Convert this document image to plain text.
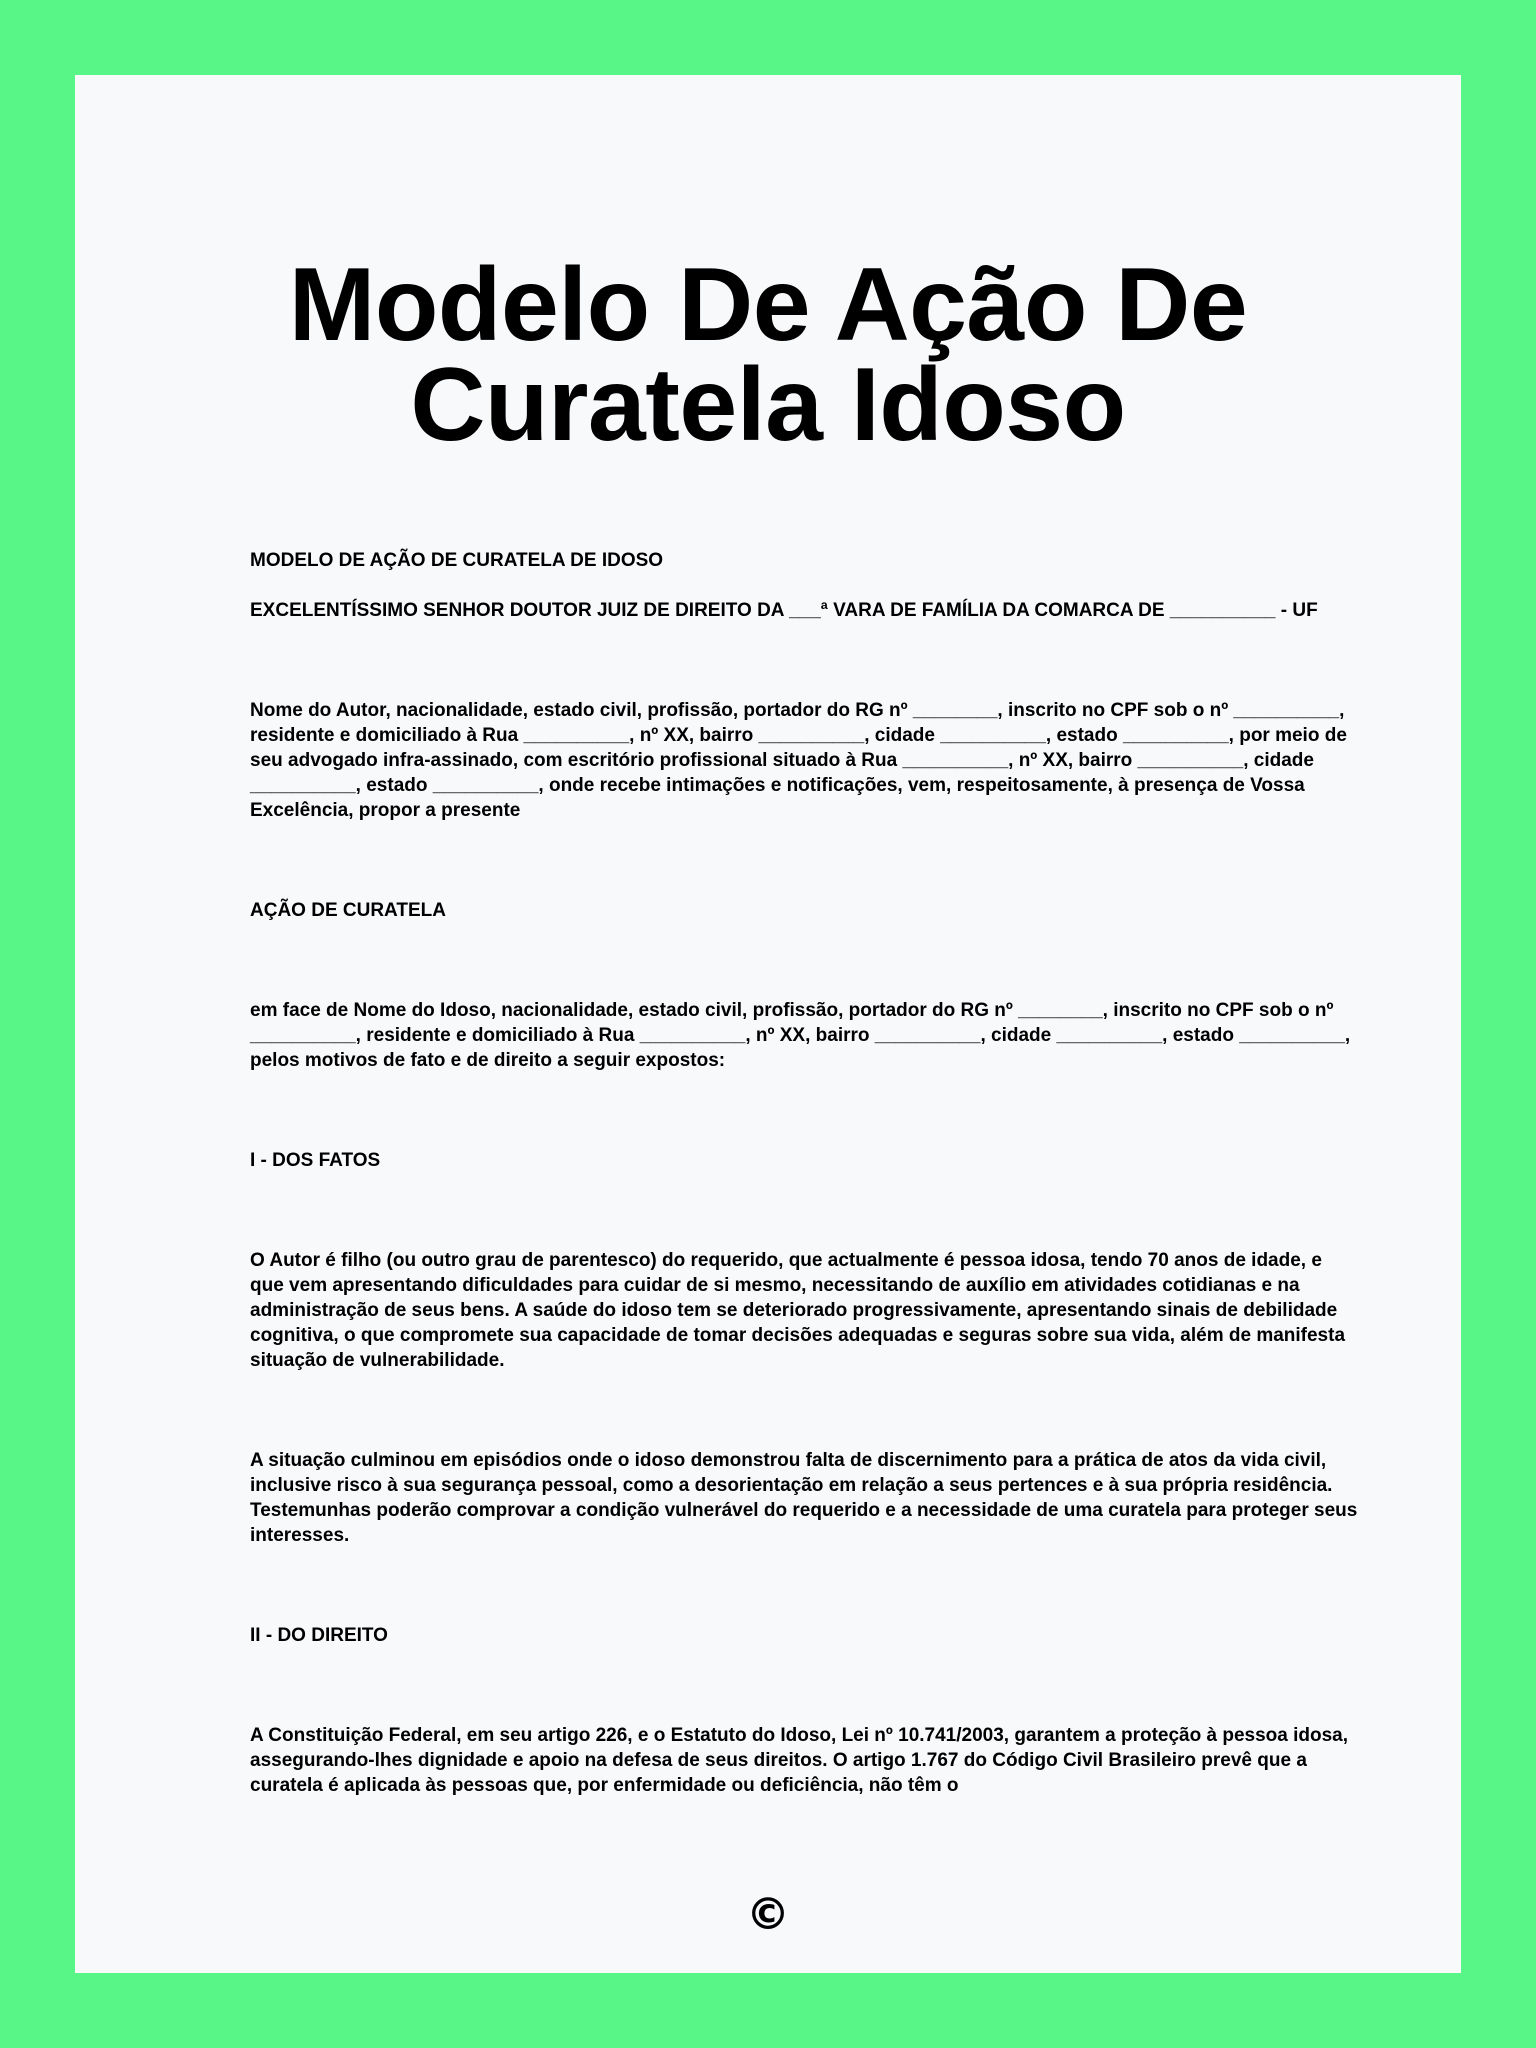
Modelo De Ação De Curatela Idoso

MODELO DE AÇÃO DE CURATELA DE IDOSO

EXCELENTÍSSIMO SENHOR DOUTOR JUIZ DE DIREITO DA ___ª VARA DE FAMÍLIA DA COMARCA DE __________ - UF

Nome do Autor, nacionalidade, estado civil, profissão, portador do RG nº ________, inscrito no CPF sob o nº __________, residente e domiciliado à Rua __________, nº XX, bairro __________, cidade __________, estado __________, por meio de seu advogado infra-assinado, com escritório profissional situado à Rua __________, nº XX, bairro __________, cidade __________, estado __________, onde recebe intimações e notificações, vem, respeitosamente, à presença de Vossa Excelência, propor a presente

AÇÃO DE CURATELA

em face de Nome do Idoso, nacionalidade, estado civil, profissão, portador do RG nº ________, inscrito no CPF sob o nº __________, residente e domiciliado à Rua __________, nº XX, bairro __________, cidade __________, estado __________, pelos motivos de fato e de direito a seguir expostos:

I - DOS FATOS

O Autor é filho (ou outro grau de parentesco) do requerido, que actualmente é pessoa idosa, tendo 70 anos de idade, e que vem apresentando dificuldades para cuidar de si mesmo, necessitando de auxílio em atividades cotidianas e na administração de seus bens. A saúde do idoso tem se deteriorado progressivamente, apresentando sinais de debilidade cognitiva, o que compromete sua capacidade de tomar decisões adequadas e seguras sobre sua vida, além de manifesta situação de vulnerabilidade.

A situação culminou em episódios onde o idoso demonstrou falta de discernimento para a prática de atos da vida civil, inclusive risco à sua segurança pessoal, como a desorientação em relação a seus pertences e à sua própria residência. Testemunhas poderão comprovar a condição vulnerável do requerido e a necessidade de uma curatela para proteger seus interesses.

II - DO DIREITO

A Constituição Federal, em seu artigo 226, e o Estatuto do Idoso, Lei nº 10.741/2003, garantem a proteção à pessoa idosa, assegurando-lhes dignidade e apoio na defesa de seus direitos. O artigo 1.767 do Código Civil Brasileiro prevê que a curatela é aplicada às pessoas que, por enfermidade ou deficiência, não têm o

©
